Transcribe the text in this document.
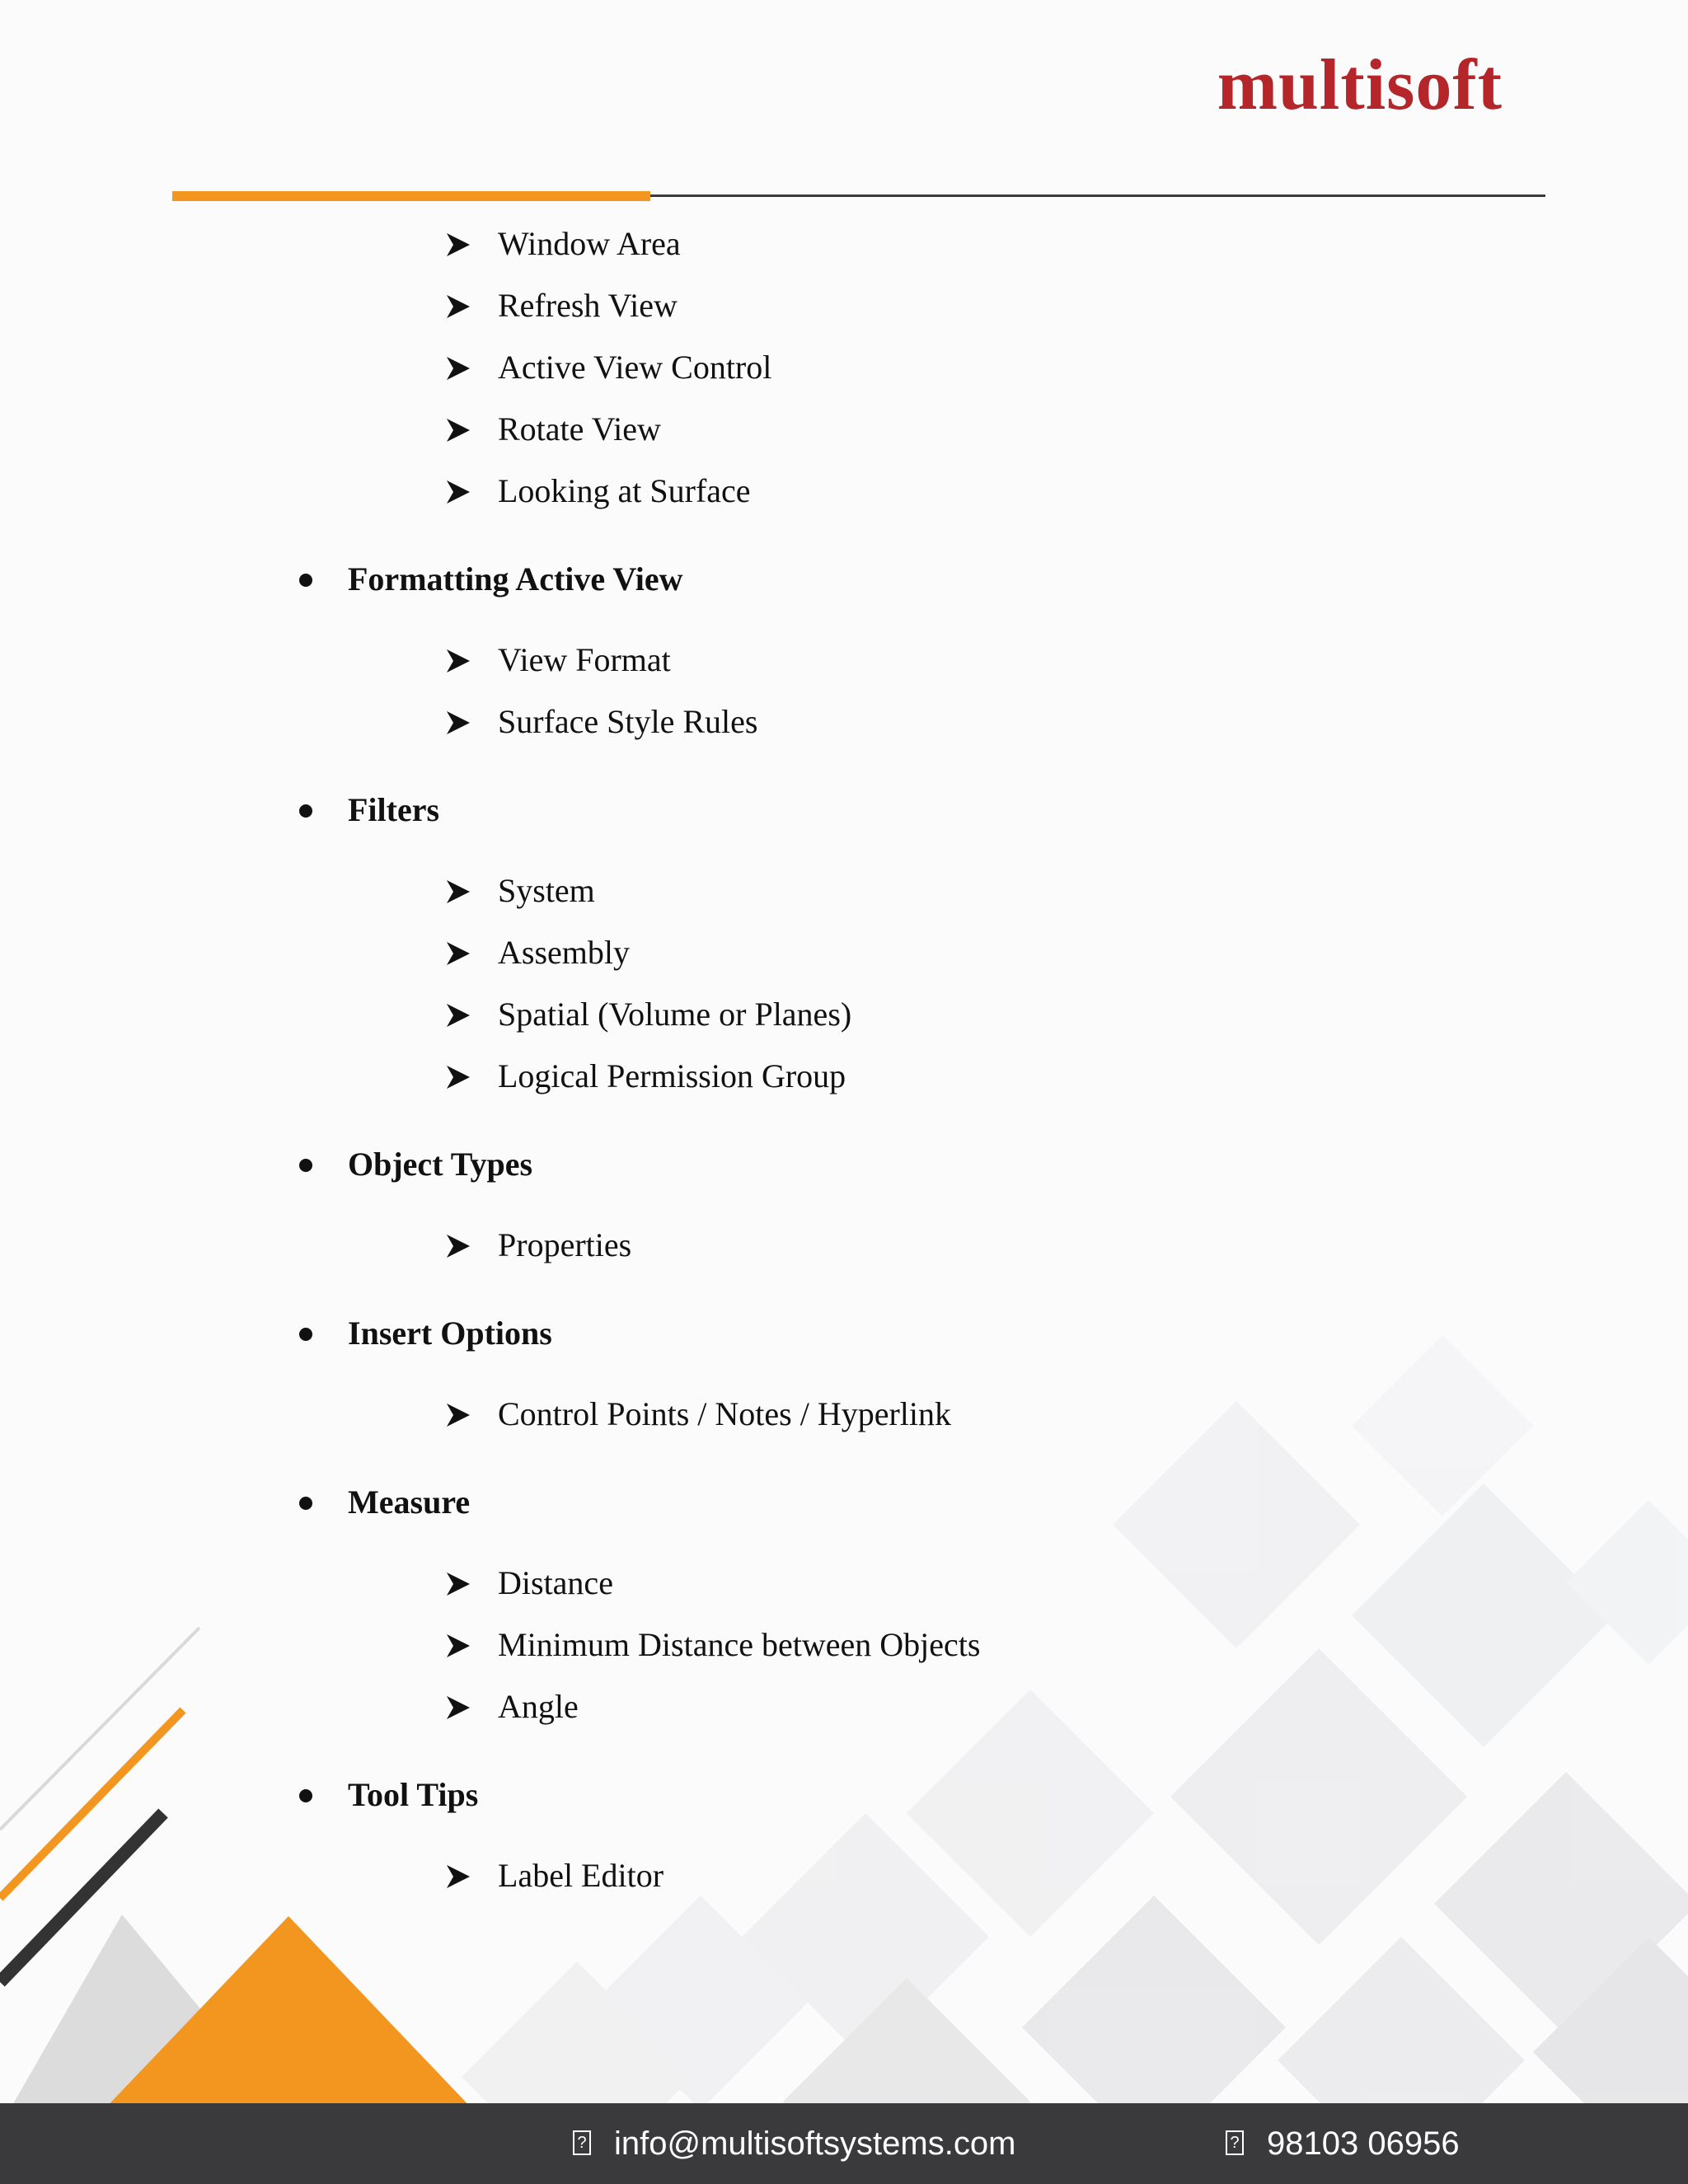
multisoft
Window Area
Refresh View
Active View Control
Rotate View
Looking at Surface
Formatting Active View
View Format
Surface Style Rules
Filters
System
Assembly
Spatial (Volume or Planes)
Logical Permission Group
Object Types
Properties
Insert Options
Control Points / Notes / Hyperlink
Measure
Distance
Minimum Distance between Objects
Angle
Tool Tips
Label Editor
? info@multisoftsystems.com	? 98103 06956
